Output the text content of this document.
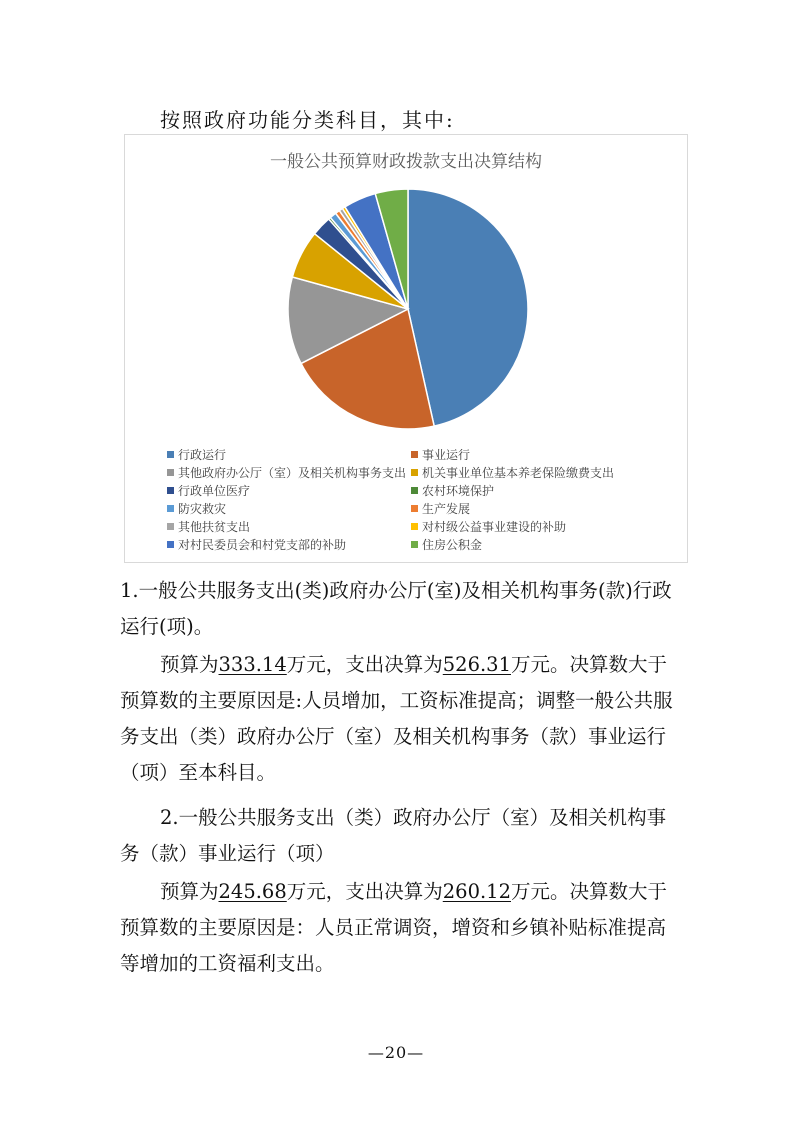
按照政府功能分类科目，其中:
一般公共预算财政拨款支出决算结构
行政运行	事业运行
其他政府办公厅（室）及相关机构事务支出 机关事业单位基本养老保险缴费支出
行政单位医疗	农村环境保护
防灾救灾	生产发展
其他扶贫支出	对村级公益事业建设的补助
对村民委员会和村党支部的补助	住房公积金
1.一般公共服务支出(类)政府办公厅(室)及相关机构事务(款)行政运行(项)。
预算为333.14万元，支出决算为526.31万元。决算数大于预算数的主要原因是:人员增加，工资标准提高；调整一般公共服务支出（类）政府办公厅（室）及相关机构事务（款）事业运行（项）至本科目。
2.一般公共服务支出（类）政府办公厅（室）及相关机构事务（款）事业运行（项）
预算为245.68万元，支出决算为260.12万元。决算数大于预算数的主要原因是：人员正常调资，增资和乡镇补贴标准提高等增加的工资福利支出。
—20—
